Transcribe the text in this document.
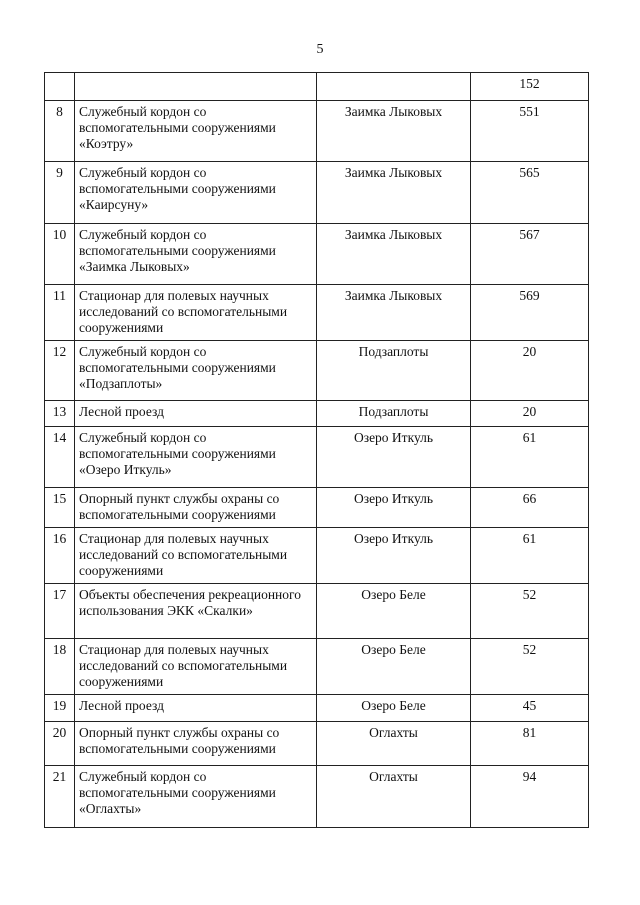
5
			152
8	Служебный кордон со вспомогательными сооружениями «Коэтру»	Заимка Лыковых	551
9	Служебный кордон со вспомогательными сооружениями «Каирсуну»	Заимка Лыковых	565
10	Служебный кордон со вспомогательными сооружениями «Заимка Лыковых»	Заимка Лыковых	567
11	Стационар для полевых научных исследований со вспомогательными сооружениями	Заимка Лыковых	569
12	Служебный кордон со вспомогательными сооружениями «Подзаплоты»	Подзаплоты	20
13	Лесной проезд	Подзаплоты	20
14	Служебный кордон со вспомогательными сооружениями «Озеро Иткуль»	Озеро Иткуль	61
15	Опорный пункт службы охраны со вспомогательными сооружениями	Озеро Иткуль	66
16	Стационар для полевых научных исследований со вспомогательными сооружениями	Озеро Иткуль	61
17	Объекты обеспечения рекреационного использования ЭКК «Скалки»	Озеро Беле	52
18	Стационар для полевых научных исследований со вспомогательными сооружениями	Озеро Беле	52
19	Лесной проезд	Озеро Беле	45
20	Опорный пункт службы охраны со вспомогательными сооружениями	Оглахты	81
21	Служебный кордон со вспомогательными сооружениями «Оглахты»	Оглахты	94
